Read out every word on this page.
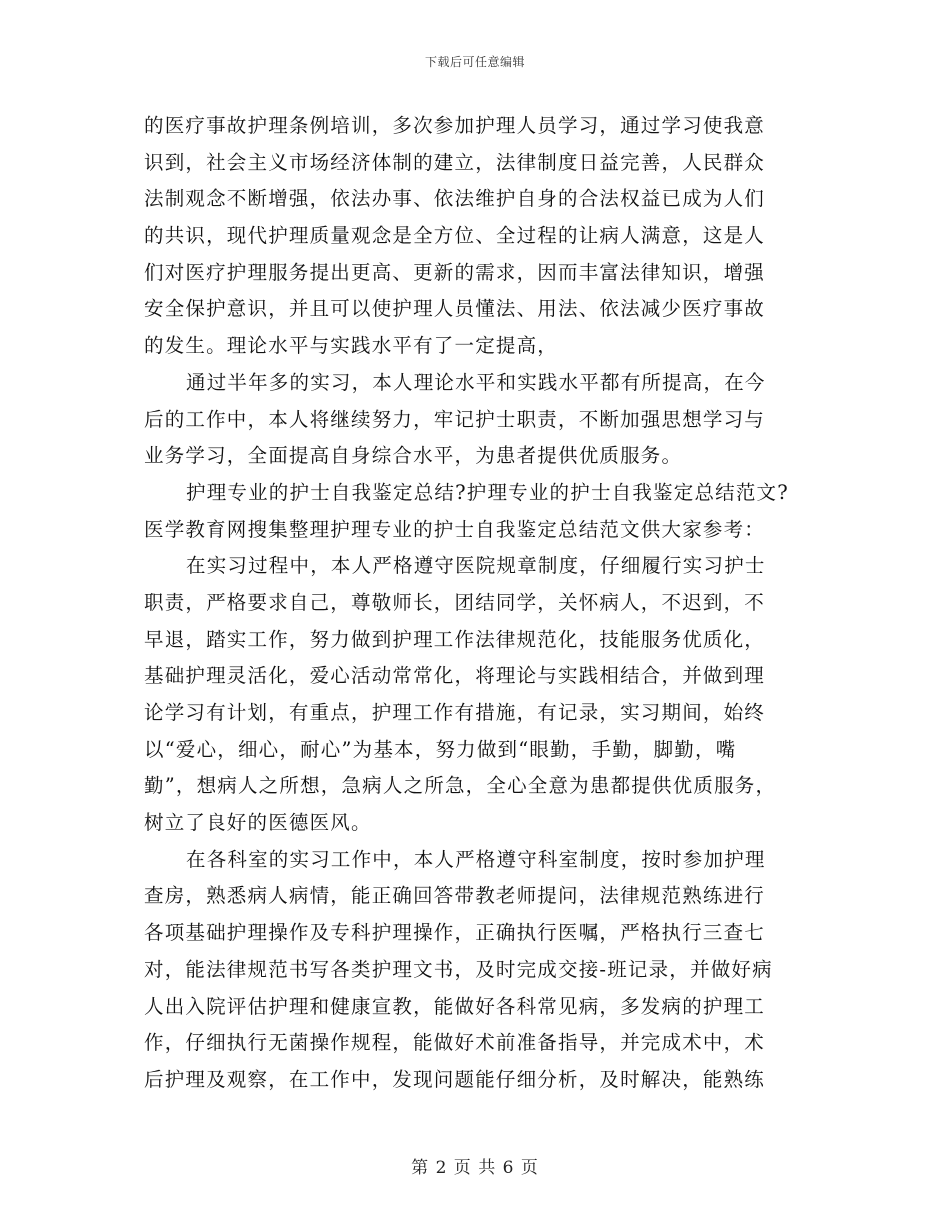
下载后可任意编辑
的医疗事故护理条例培训，多次参加护理人员学习，通过学习使我意
识到，社会主义市场经济体制的建立，法律制度日益完善，人民群众
法制观念不断增强，依法办事、依法维护自身的合法权益已成为人们
的共识，现代护理质量观念是全方位、全过程的让病人满意，这是人
们对医疗护理服务提出更高、更新的需求，因而丰富法律知识，增强
安全保护意识，并且可以使护理人员懂法、用法、依法减少医疗事故
的发生。理论水平与实践水平有了一定提高，
通过半年多的实习，本人理论水平和实践水平都有所提高，在今
后的工作中，本人将继续努力，牢记护士职责，不断加强思想学习与
业务学习，全面提高自身综合水平，为患者提供优质服务。
护理专业的护士自我鉴定总结?护理专业的护士自我鉴定总结范文?
医学教育网搜集整理护理专业的护士自我鉴定总结范文供大家参考：
在实习过程中，本人严格遵守医院规章制度，仔细履行实习护士
职责，严格要求自己，尊敬师长，团结同学，关怀病人，不迟到，不
早退，踏实工作，努力做到护理工作法律规范化，技能服务优质化，
基础护理灵活化，爱心活动常常化，将理论与实践相结合，并做到理
论学习有计划，有重点，护理工作有措施，有记录，实习期间，始终
以“爱心，细心，耐心”为基本，努力做到“眼勤，手勤，脚勤，嘴
勤”，想病人之所想，急病人之所急，全心全意为患都提供优质服务，
树立了良好的医德医风。
在各科室的实习工作中，本人严格遵守科室制度，按时参加护理
查房，熟悉病人病情，能正确回答带教老师提问，法律规范熟练进行
各项基础护理操作及专科护理操作，正确执行医嘱，严格执行三查七
对，能法律规范书写各类护理文书，及时完成交接-班记录，并做好病
人出入院评估护理和健康宣教，能做好各科常见病，多发病的护理工
作，仔细执行无菌操作规程，能做好术前准备指导，并完成术中，术
后护理及观察，在工作中，发现问题能仔细分析，及时解决，能熟练
第 2 页 共 6 页
